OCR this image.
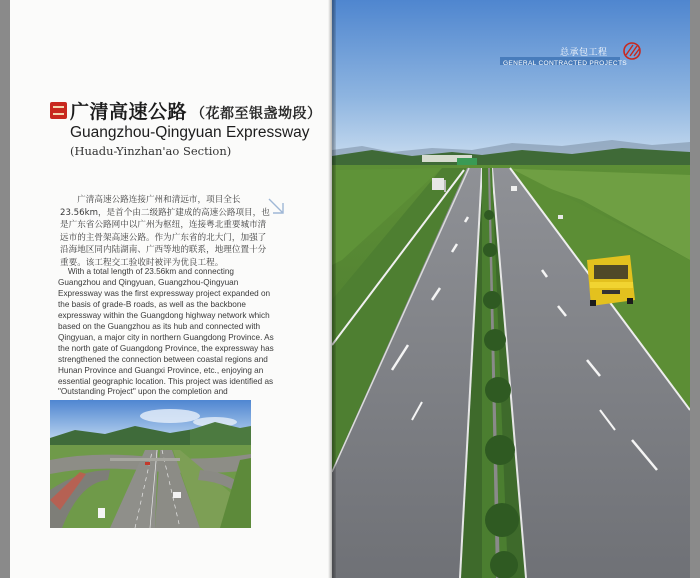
广清高速公路 （花都至银盏坳段）
Guangzhou-Qingyuan Expressway
(Huadu-Yinzhan'ao Section)
广清高速公路连接广州和清远市，项目全长23.56km，是首个由二级路扩建成的高速公路项目，也是广东省公路网中以广州为枢纽，连接粤北重要城市清远市的主骨架高速公路。作为广东省的北大门，加强了沿海地区同内陆湖南、广西等地的联系，地理位置十分重要。该工程交工验收时被评为优良工程。
With a total length of 23.56km and connecting Guangzhou and Qingyuan, Guangzhou-Qingyuan Expressway was the first expressway project expanded on the basis of grade-B roads, as well as the backbone expressway within the Guangdong highway network which based on the Guangzhou as its hub and connected with Qingyuan, a major city in northern Guangdong Province. As the north gate of Guangdong Province, the expressway has strengthened the connection between coastal regions and Hunan Province and Guangxi Province, etc., enjoying an essential geographic location. This project was identified as "Outstanding Project" upon the completion and
总承包工程
GENERAL CONTRACTED PROJECTS
